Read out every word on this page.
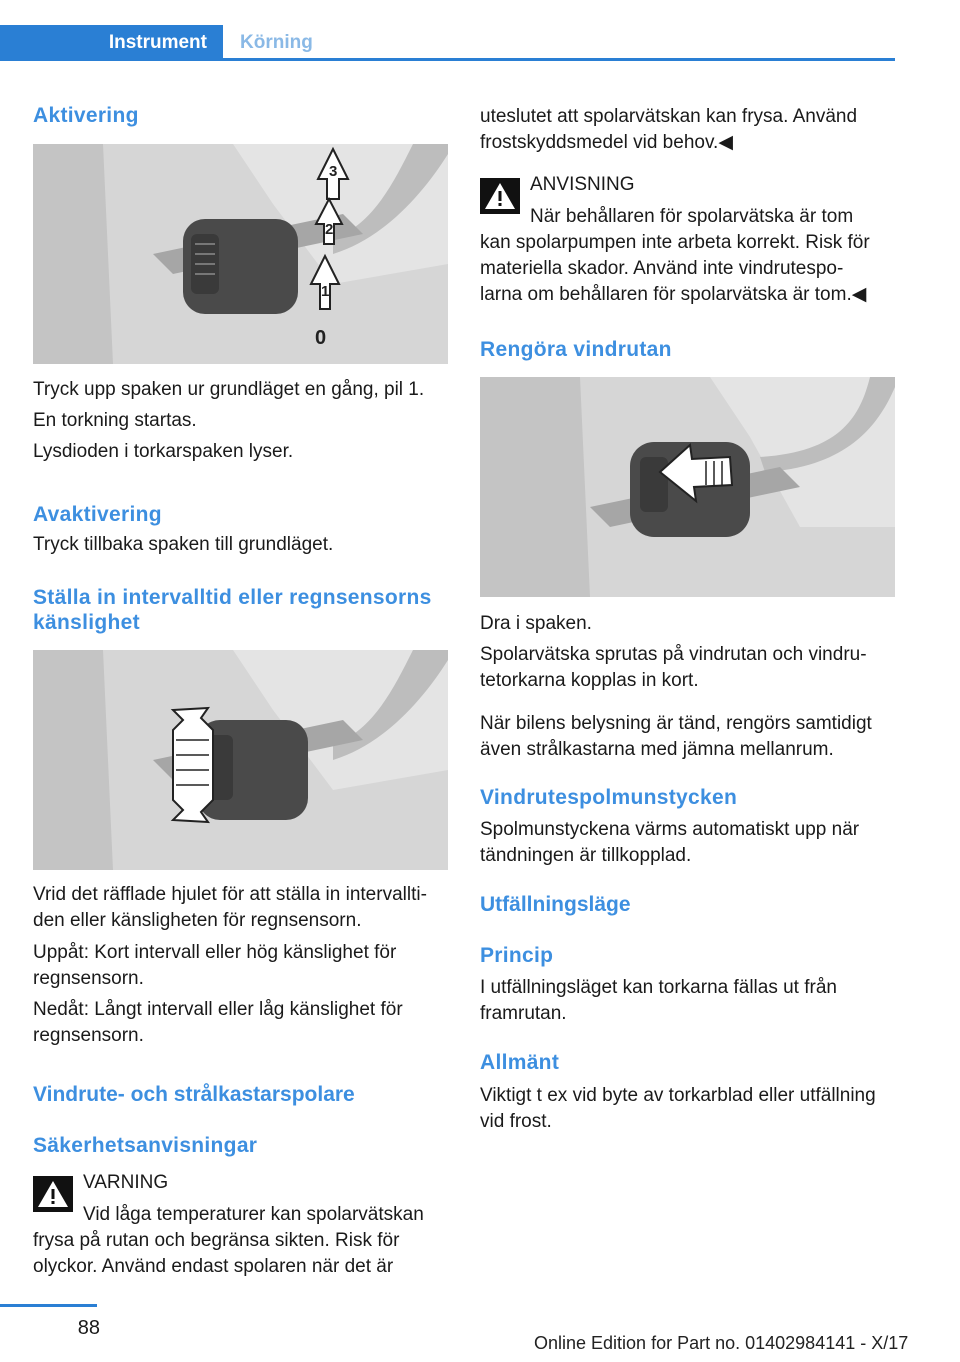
Instrument	Körning
Aktivering
3
2
1
0

Tryck upp spaken ur grundläget en gång, pil 1.

En torkning startas.

Lysdioden i torkarspaken lyser.

Avaktivering

Tryck tillbaka spaken till grundläget.

Ställa in intervalltid eller regnsensorns
känslighet

Vrid det räfflade hjulet för att ställa in intervallti‐

den eller känsligheten för regnsensorn.

Uppåt: Kort intervall eller hög känslighet för

regnsensorn.

Nedåt: Långt intervall eller låg känslighet för

regnsensorn.

Vindrute- och strålkastarspolare
Säkerhetsanvisningar

VARNING

Vid låga temperaturer kan spolarvätskan

frysa på rutan och begränsa sikten. Risk för

olyckor. Använd endast spolaren när det är

uteslutet att spolarvätskan kan frysa. Använd

frostskyddsmedel vid behov.◀

ANVISNING

När behållaren för spolarvätska är tom

kan spolarpumpen inte arbeta korrekt. Risk för

materiella skador. Använd inte vindrutespo‐

larna om behållaren för spolarvätska är tom.◀

Rengöra vindrutan

Dra i spaken.

Spolarvätska sprutas på vindrutan och vindru‐

tetorkarna kopplas in kort.

När bilens belysning är tänd, rengörs samtidigt

även strålkastarna med jämna mellanrum.

Vindrutespolmunstycken

Spolmunstyckena värms automatiskt upp när

tändningen är tillkopplad.

Utfällningsläge
Princip

I utfällningsläget kan torkarna fällas ut från

framrutan.

Allmänt

Viktigt t ex vid byte av torkarblad eller utfällning

vid frost.

88
Online Edition for Part no. 01402984141 - X/17
